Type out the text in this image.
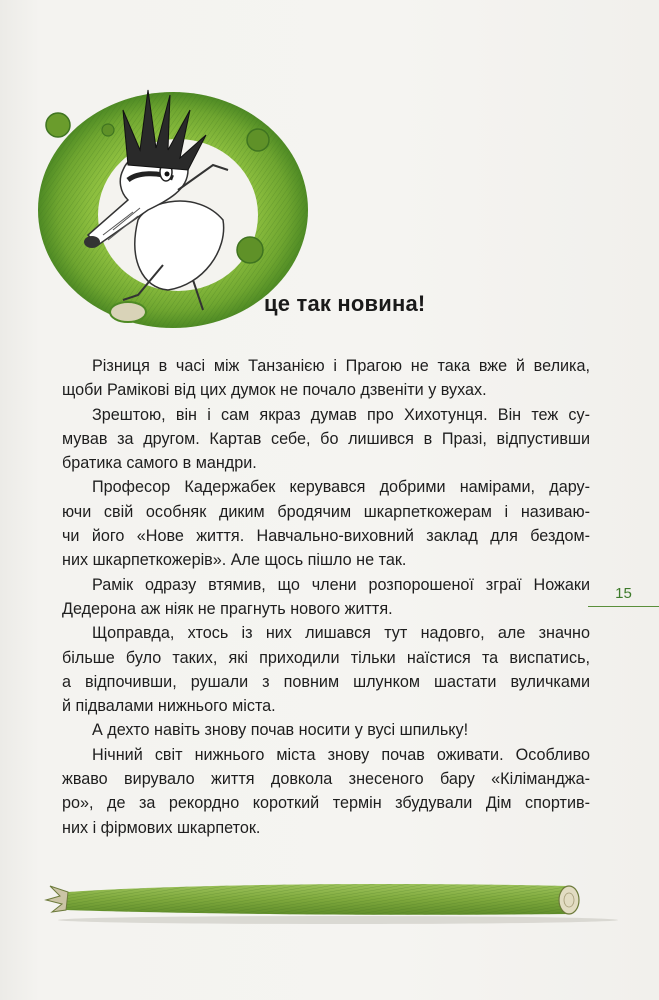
це так новина!

Різниця в часі між Танзанією і Прагою не така вже й велика,

щоби Рамікові від цих думок не почало дзвеніти у вухах.

Зрештою, він і сам якраз думав про Хихотунця. Він теж су-

мував за другом. Картав себе, бо лишився в Празі, відпустивши

братика самого в мандри.

Професор Кадержабек керувався добрими намірами, дару-

ючи свій особняк диким бродячим шкарпеткожерам і називаю-

чи його «Нове життя. Навчально-виховний заклад для бездом-

них шкарпеткожерів». Але щось пішло не так.

Рамік одразу втямив, що члени розпорошеної зграї Ножаки

Дедерона аж ніяк не прагнуть нового життя.

Щоправда, хтось із них лишався тут надовго, але значно

більше було таких, які приходили тільки наїстися та виспатись,

а відпочивши, рушали з повним шлунком шастати вуличками

й підвалами нижнього міста.

А дехто навіть знову почав носити у вусі шпильку!

Нічний світ нижнього міста знову почав оживати. Особливо

жваво вирувало життя довкола знесеного бару «Кіліманджа-

ро», де за рекордно короткий термін збудували Дім спортив-

них і фірмових шкарпеток.

15
